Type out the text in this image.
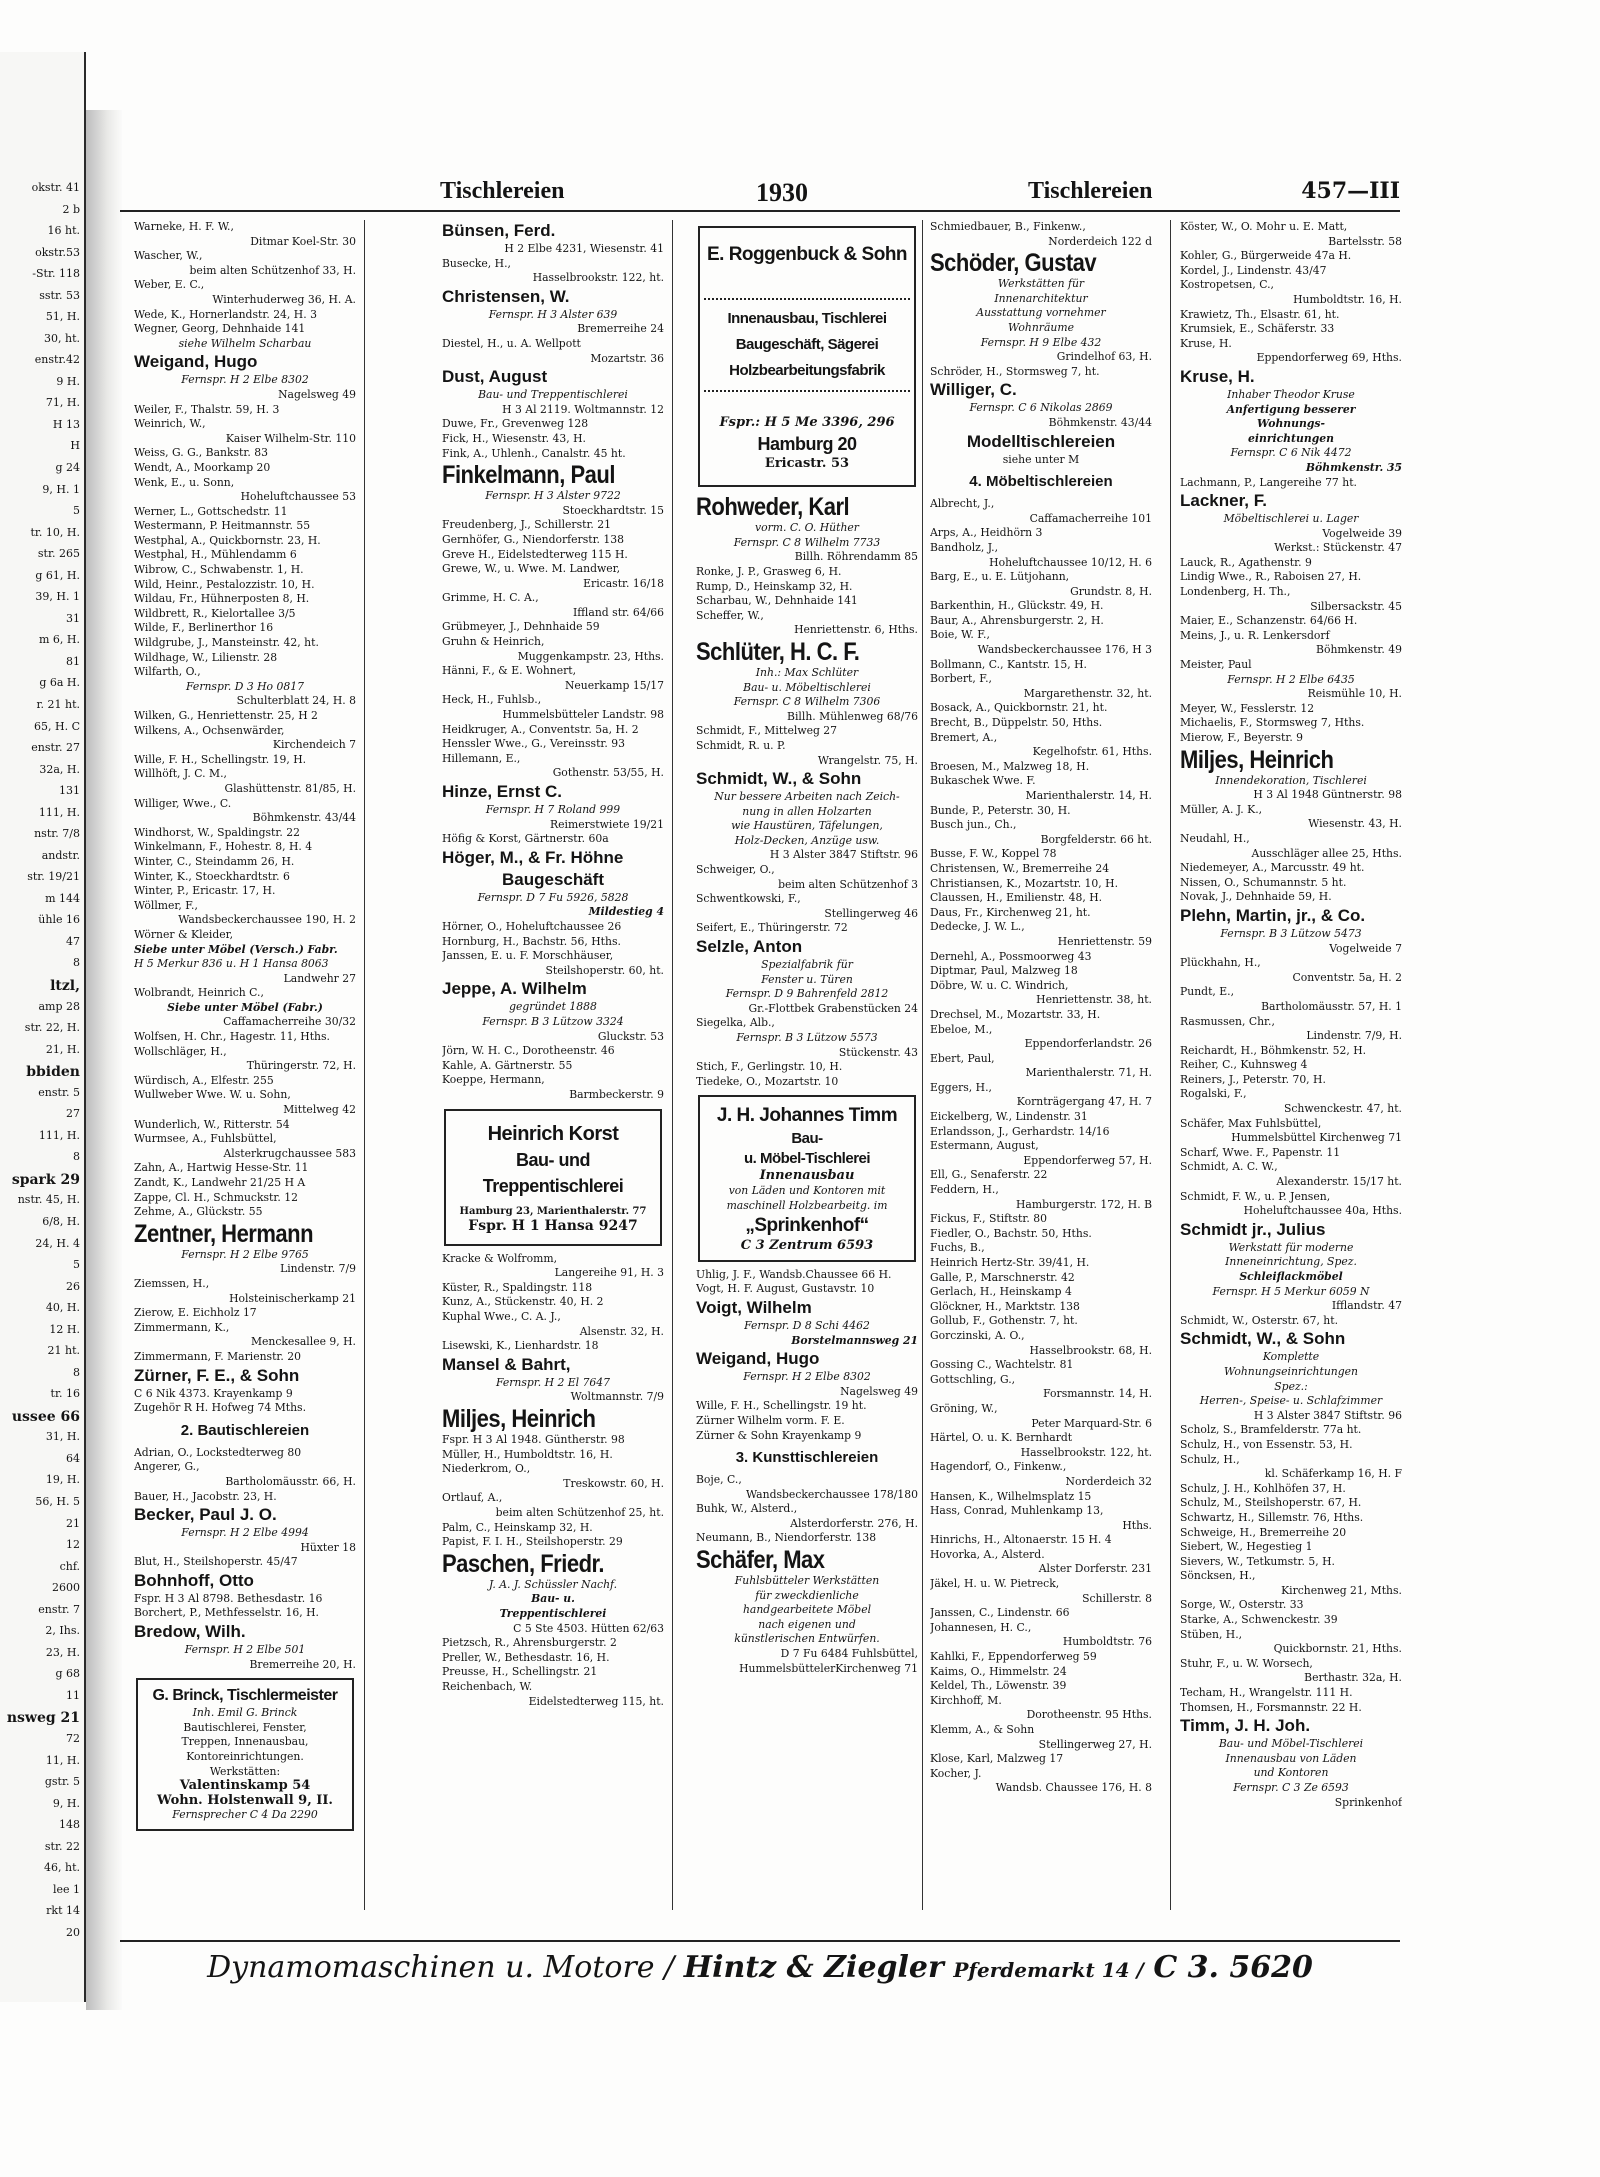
okstr. 41
2 b
16 ht.
okstr.53
-Str. 118
sstr. 53
51, H.
30, ht.
enstr.42
9 H.
71, H.
H 13
H
g 24
9, H. 1
5
tr. 10, H.
str. 265
g 61, H.
39, H. 1
31
m 6, H.
81
g 6a H.
r. 21 ht.
65, H. C
enstr. 27
32a, H.
131
111, H.
nstr. 7/8
andstr.
str. 19/21
m 144
ühle 16
47
8
ltzl,
amp 28
str. 22, H.
21, H.
bbiden
enstr. 5
27
111, H.
8
spark 29
nstr. 45, H.
6/8, H.
24, H. 4
5
26
40, H.
12 H.
21 ht.
8
tr. 16
ussee 66
31, H.
64
19, H.
56, H. 5
21
12
chf.
2600
enstr. 7
2, Ihs.
23, H.
g 68
11
nsweg 21
72
11, H.
gstr. 5
9, H.
148
str. 22
46, ht.
lee 1
rkt 14
20
Tischlereien	1930	Tischlereien	457—III
Warneke, H. F. W.,
Ditmar Koel-Str. 30
Wascher, W.,
beim alten Schützenhof 33, H.
Weber, E. C.,
Winterhuderweg 36, H. A.
Wede, K., Hornerlandstr. 24, H. 3
Wegner, Georg, Dehnhaide 141
siehe Wilhelm Scharbau
Weigand, Hugo
Fernspr. H 2 Elbe 8302
Nagelsweg 49
Weiler, F., Thalstr. 59, H. 3
Weinrich, W.,
Kaiser Wilhelm-Str. 110
Weiss, G. G., Bankstr. 83
Wendt, A., Moorkamp 20
Wenk, E., u. Sonn,
Hoheluftchaussee 53
Werner, L., Gottschedstr. 11
Westermann, P. Heitmannstr. 55
Westphal, A., Quickbornstr. 23, H.
Westphal, H., Mühlendamm 6
Wibrow, C., Schwabenstr. 1, H.
Wild, Heinr., Pestalozzistr. 10, H.
Wildau, Fr., Hühnerposten 8, H.
Wildbrett, R., Kielortallee 3/5
Wilde, F., Berlinerthor 16
Wildgrube, J., Mansteinstr. 42, ht.
Wildhage, W., Lilienstr. 28
Wilfarth, O.,
Fernspr. D 3 Ho 0817
Schulterblatt 24, H. 8
Wilken, G., Henriettenstr. 25, H 2
Wilkens, A., Ochsenwärder,
Kirchendeich 7
Wille, F. H., Schellingstr. 19, H.
Willhöft, J. C. M.,
Glashüttenstr. 81/85, H.
Williger, Wwe., C.
Böhmkenstr. 43/44
Windhorst, W., Spaldingstr. 22
Winkelmann, F., Hohestr. 8, H. 4
Winter, C., Steindamm 26, H.
Winter, K., Stoeckhardtstr. 6
Winter, P., Ericastr. 17, H.
Wöllmer, F.,
Wandsbeckerchaussee 190, H. 2
Wörner & Kleider,
Siebe unter Möbel (Versch.) Fabr.
H 5 Merkur 836 u. H 1 Hansa 8063
Landwehr 27
Wolbrandt, Heinrich C.,
Siebe unter Möbel (Fabr.)
Caffamacherreihe 30/32
Wolfsen, H. Chr., Hagestr. 11, Hths.
Wollschläger, H.,
Thüringerstr. 72, H.
Würdisch, A., Elfestr. 255
Wullweber Wwe. W. u. Sohn,
Mittelweg 42
Wunderlich, W., Ritterstr. 54
Wurmsee, A., Fuhlsbüttel,
Alsterkrugchaussee 583
Zahn, A., Hartwig Hesse-Str. 11
Zandt, K., Landwehr 21/25 H A
Zappe, Cl. H., Schmuckstr. 12
Zehme, A., Glückstr. 55
Zentner, Hermann
Fernspr. H 2 Elbe 9765
Lindenstr. 7/9
Ziemssen, H.,
Holsteinischerkamp 21
Zierow, E. Eichholz 17
Zimmermann, K.,
Menckesallee 9, H.
Zimmermann, F. Marienstr. 20
Zürner, F. E., & Sohn
C 6 Nik 4373. Krayenkamp 9
Zugehör R H. Hofweg 74 Mths.
2. Bautischlereien
Adrian, O., Lockstedterweg 80
Angerer, G.,
Bartholomäusstr. 66, H.
Bauer, H., Jacobstr. 23, H.
Becker, Paul J. O.
Fernspr. H 2 Elbe 4994
Hüxter 18
Blut, H., Steilshoperstr. 45/47
Bohnhoff, Otto
Fspr. H 3 Al 8798. Bethesdastr. 16
Borchert, P., Methfesselstr. 16, H.
Bredow, Wilh.
Fernspr. H 2 Elbe 501
Bremerreihe 20, H.
G. Brinck, Tischlermeister
Inh. Emil G. Brinck
Bautischlerei, Fenster,
Treppen, Innenausbau,
Kontoreinrichtungen.
Werkstätten:
Valentinskamp 54
Wohn. Holstenwall 9, II.
Fernsprecher C 4 Da 2290
Bünsen, Ferd.
H 2 Elbe 4231, Wiesenstr. 41
Busecke, H.,
Hasselbrookstr. 122, ht.
Christensen, W.
Fernspr. H 3 Alster 639
Bremerreihe 24
Diestel, H., u. A. Wellpott
Mozartstr. 36
Dust, August
Bau- und Treppentischlerei
H 3 Al 2119. Woltmannstr. 12
Duwe, Fr., Grevenweg 128
Fick, H., Wiesenstr. 43, H.
Fink, A., Uhlenh., Canalstr. 45 ht.
Finkelmann, Paul
Fernspr. H 3 Alster 9722
Stoeckhardtstr. 15
Freudenberg, J., Schillerstr. 21
Gernhöfer, G., Niendorferstr. 138
Greve H., Eidelstedterweg 115 H.
Grewe, W., u. Wwe. M. Landwer,
Ericastr. 16/18
Grimme, H. C. A.,
Iffland str. 64/66
Grübmeyer, J., Dehnhaide 59
Gruhn & Heinrich,
Muggenkampstr. 23, Hths.
Hänni, F., & E. Wohnert,
Neuerkamp 15/17
Heck, H., Fuhlsb.,
Hummelsbütteler Landstr. 98
Heidkruger, A., Conventstr. 5a, H. 2
Henssler Wwe., G., Vereinsstr. 93
Hillemann, E.,
Gothenstr. 53/55, H.
Hinze, Ernst C.
Fernspr. H 7 Roland 999
Reimerstwiete 19/21
Höfig & Korst, Gärtnerstr. 60a
Höger, M., & Fr. Höhne
Baugeschäft
Fernspr. D 7 Fu 5926, 5828
Mildestieg 4
Hörner, O., Hoheluftchaussee 26
Hornburg, H., Bachstr. 56, Hths.
Janssen, E. u. F. Morschhäuser,
Steilshoperstr. 60, ht.
Jeppe, A. Wilhelm
gegründet 1888
Fernspr. B 3 Lützow 3324
Gluckstr. 53
Jörn, W. H. C., Dorotheenstr. 46
Kahle, A. Gärtnerstr. 55
Koeppe, Hermann,
Barmbeckerstr. 9
Heinrich Korst
Bau- und
Treppentischlerei
Hamburg 23, Marienthalerstr. 77
Fspr. H 1 Hansa 9247
Kracke & Wolfromm,
Langereihe 91, H. 3
Küster, R., Spaldingstr. 118
Kunz, A., Stückenstr. 40, H. 2
Kuphal Wwe., C. A. J.,
Alsenstr. 32, H.
Lisewski, K., Lienhardstr. 18
Mansel & Bahrt,
Fernspr. H 2 El 7647
Woltmannstr. 7/9
Miljes, Heinrich
Fspr. H 3 Al 1948. Güntherstr. 98
Müller, H., Humboldtstr. 16, H.
Niederkrom, O.,
Treskowstr. 60, H.
Ortlauf, A.,
beim alten Schützenhof 25, ht.
Palm, C., Heinskamp 32, H.
Papist, F. I. H., Steilshoperstr. 29
Paschen, Friedr.
J. A. J. Schüssler Nachf.
Bau- u.
Treppentischlerei
C 5 Ste 4503. Hütten 62/63
Pietzsch, R., Ahrensburgerstr. 2
Preller, W., Bethesdastr. 16, H.
Preusse, H., Schellingstr. 21
Reichenbach, W.
Eidelstedterweg 115, ht.
E. Roggenbuck & Sohn
Innenausbau, Tischlerei
Baugeschäft, Sägerei
Holzbearbeitungsfabrik
Fspr.: H 5 Me 3396, 296
Hamburg 20
Ericastr. 53
Rohweder, Karl
vorm. C. O. Hüther
Fernspr. C 8 Wilhelm 7733
Billh. Röhrendamm 85
Ronke, J. P., Grasweg 6, H.
Rump, D., Heinskamp 32, H.
Scharbau, W., Dehnhaide 141
Scheffer, W.,
Henriettenstr. 6, Hths.
Schlüter, H. C. F.
Inh.: Max Schlüter
Bau- u. Möbeltischlerei
Fernspr. C 8 Wilhelm 7306
Billh. Mühlenweg 68/76
Schmidt, F., Mittelweg 27
Schmidt, R. u. P.
Wrangelstr. 75, H.
Schmidt, W., & Sohn
Nur bessere Arbeiten nach Zeich-
nung in allen Holzarten
wie Haustüren, Täfelungen,
Holz-Decken, Anzüge usw.
H 3 Alster 3847 Stiftstr. 96
Schweiger, O.,
beim alten Schützenhof 3
Schwentkowski, F.,
Stellingerweg 46
Seifert, E., Thüringerstr. 72
Selzle, Anton
Spezialfabrik für
Fenster u. Türen
Fernspr. D 9 Bahrenfeld 2812
Gr.-Flottbek Grabenstücken 24
Siegelka, Alb.,
Fernspr. B 3 Lützow 5573
Stückenstr. 43
Stich, F., Gerlingstr. 10, H.
Tiedeke, O., Mozartstr. 10
J. H. Johannes Timm
Bau-
u. Möbel-Tischlerei
Innenausbau
von Läden und Kontoren mit
maschinell Holzbearbeitg. im
„Sprinkenhof“
C 3 Zentrum 6593
Uhlig, J. F., Wandsb.Chaussee 66 H.
Vogt, H. F. August, Gustavstr. 10
Voigt, Wilhelm
Fernspr. D 8 Schi 4462
Borstelmannsweg 21
Weigand, Hugo
Fernspr. H 2 Elbe 8302
Nagelsweg 49
Wille, F. H., Schellingstr. 19 ht.
Zürner Wilhelm vorm. F. E.
Zürner & Sohn Krayenkamp 9
3. Kunsttischlereien
Boje, C.,
Wandsbeckerchaussee 178/180
Buhk, W., Alsterd.,
Alsterdorferstr. 276, H.
Neumann, B., Niendorferstr. 138
Schäfer, Max
Fuhlsbütteler Werkstätten
für zweckdienliche
handgearbeitete Möbel
nach eigenen und
künstlerischen Entwürfen.
D 7 Fu 6484 Fuhlsbüttel,
HummelsbüttelerKirchenweg 71
Schmiedbauer, B., Finkenw.,
Norderdeich 122 d
Schöder, Gustav
Werkstätten für
Innenarchitektur
Ausstattung vornehmer
Wohnräume
Fernspr. H 9 Elbe 432
Grindelhof 63, H.
Schröder, H., Stormsweg 7, ht.
Williger, C.
Fernspr. C 6 Nikolas 2869
Böhmkenstr. 43/44
Modelltischlereien
siehe unter M
4. Möbeltischlereien
Albrecht, J.,
Caffamacherreihe 101
Arps, A., Heidhörn 3
Bandholz, J.,
Hoheluftchaussee 10/12, H. 6
Barg, E., u. E. Lütjohann,
Grundstr. 8, H.
Barkenthin, H., Glückstr. 49, H.
Baur, A., Ahrensburgerstr. 2, H.
Boie, W. F.,
Wandsbeckerchaussee 176, H 3
Bollmann, C., Kantstr. 15, H.
Borbert, F.,
Margarethenstr. 32, ht.
Bosack, A., Quickbornstr. 21, ht.
Brecht, B., Düppelstr. 50, Hths.
Bremert, A.,
Kegelhofstr. 61, Hths.
Broesen, M., Malzweg 18, H.
Bukaschek Wwe. F.
Marienthalerstr. 14, H.
Bunde, P., Peterstr. 30, H.
Busch jun., Ch.,
Borgfelderstr. 66 ht.
Busse, F. W., Koppel 78
Christensen, W., Bremerreihe 24
Christiansen, K., Mozartstr. 10, H.
Claussen, H., Emilienstr. 48, H.
Daus, Fr., Kirchenweg 21, ht.
Dedecke, J. W. L.,
Henriettenstr. 59
Dernehl, A., Possmoorweg 43
Diptmar, Paul, Malzweg 18
Döbre, W. u. C. Windrich,
Henriettenstr. 38, ht.
Drechsel, M., Mozartstr. 33, H.
Ebeloe, M.,
Eppendorferlandstr. 26
Ebert, Paul,
Marienthalerstr. 71, H.
Eggers, H.,
Kornträgergang 47, H. 7
Eickelberg, W., Lindenstr. 31
Erlandsson, J., Gerhardstr. 14/16
Estermann, August,
Eppendorferweg 57, H.
Ell, G., Senaferstr. 22
Feddern, H.,
Hamburgerstr. 172, H. B
Fickus, F., Stiftstr. 80
Fiedler, O., Bachstr. 50, Hths.
Fuchs, B.,
Heinrich Hertz-Str. 39/41, H.
Galle, P., Marschnerstr. 42
Gerlach, H., Heinskamp 4
Glöckner, H., Marktstr. 138
Gollub, F., Gothenstr. 7, ht.
Gorczinski, A. O.,
Hasselbrookstr. 68, H.
Gossing C., Wachtelstr. 81
Gottschling, G.,
Forsmannstr. 14, H.
Gröning, W.,
Peter Marquard-Str. 6
Härtel, O. u. K. Bernhardt
Hasselbrookstr. 122, ht.
Hagendorf, O., Finkenw.,
Norderdeich 32
Hansen, K., Wilhelmsplatz 15
Hass, Conrad, Muhlenkamp 13,
Hths.
Hinrichs, H., Altonaerstr. 15 H. 4
Hovorka, A., Alsterd.
Alster Dorferstr. 231
Jäkel, H. u. W. Pietreck,
Schillerstr. 8
Janssen, C., Lindenstr. 66
Johannesen, H. C.,
Humboldtstr. 76
Kahlki, F., Eppendorferweg 59
Kaims, O., Himmelstr. 24
Keldel, Th., Löwenstr. 39
Kirchhoff, M.
Dorotheenstr. 95 Hths.
Klemm, A., & Sohn
Stellingerweg 27, H.
Klose, Karl, Malzweg 17
Kocher, J.
Wandsb. Chaussee 176, H. 8
Köster, W., O. Mohr u. E. Matt,
Bartelsstr. 58
Kohler, G., Bürgerweide 47a H.
Kordel, J., Lindenstr. 43/47
Kostropetsen, C.,
Humboldtstr. 16, H.
Krawietz, Th., Elsastr. 61, ht.
Krumsiek, E., Schäferstr. 33
Kruse, H.
Eppendorferweg 69, Hths.
Kruse, H.
Inhaber Theodor Kruse
Anfertigung besserer
Wohnungs-
einrichtungen
Fernspr. C 6 Nik 4472
Böhmkenstr. 35
Lachmann, P., Langereihe 77 ht.
Lackner, F.
Möbeltischlerei u. Lager
Vogelweide 39
Werkst.: Stückenstr. 47
Lauck, R., Agathenstr. 9
Lindig Wwe., R., Raboisen 27, H.
Londenberg, H. Th.,
Silbersackstr. 45
Maier, E., Schanzenstr. 64/66 H.
Meins, J., u. R. Lenkersdorf
Böhmkenstr. 49
Meister, Paul
Fernspr. H 2 Elbe 6435
Reismühle 10, H.
Meyer, W., Fesslerstr. 12
Michaelis, F., Stormsweg 7, Hths.
Mierow, F., Beyerstr. 9
Miljes, Heinrich
Innendekoration, Tischlerei
H 3 Al 1948 Güntnerstr. 98
Müller, A. J. K.,
Wiesenstr. 43, H.
Neudahl, H.,
Ausschläger allee 25, Hths.
Niedemeyer, A., Marcusstr. 49 ht.
Nissen, O., Schumannstr. 5 ht.
Novak, J., Dehnhaide 59, H.
Plehn, Martin, jr., & Co.
Fernspr. B 3 Lützow 5473
Vogelweide 7
Plückhahn, H.,
Conventstr. 5a, H. 2
Pundt, E.,
Bartholomäusstr. 57, H. 1
Rasmussen, Chr.,
Lindenstr. 7/9, H.
Reichardt, H., Böhmkenstr. 52, H.
Reiher, C., Kuhnsweg 4
Reiners, J., Peterstr. 70, H.
Rogalski, F.,
Schwenckestr. 47, ht.
Schäfer, Max Fuhlsbüttel,
Hummelsbüttel Kirchenweg 71
Scharf, Wwe. F., Papenstr. 11
Schmidt, A. C. W.,
Alexanderstr. 15/17 ht.
Schmidt, F. W., u. P. Jensen,
Hoheluftchaussee 40a, Hths.
Schmidt jr., Julius
Werkstatt für moderne
Inneneinrichtung, Spez.
Schleiflackmöbel
Fernspr. H 5 Merkur 6059 N
Ifflandstr. 47
Schmidt, W., Osterstr. 67, ht.
Schmidt, W., & Sohn
Komplette
Wohnungseinrichtungen
Spez.:
Herren-, Speise- u. Schlafzimmer
H 3 Alster 3847 Stiftstr. 96
Scholz, S., Bramfelderstr. 77a ht.
Schulz, H., von Essenstr. 53, H.
Schulz, H.,
kl. Schäferkamp 16, H. F
Schulz, J. H., Kohlhöfen 37, H.
Schulz, M., Steilshoperstr. 67, H.
Schwartz, H., Sillemstr. 76, Hths.
Schweige, H., Bremerreihe 20
Siebert, W., Hegestieg 1
Sievers, W., Tetkumstr. 5, H.
Söncksen, H.,
Kirchenweg 21, Mths.
Sorge, W., Osterstr. 33
Starke, A., Schwenckestr. 39
Stüben, H.,
Quickbornstr. 21, Hths.
Stuhr, F., u. W. Worsech,
Berthastr. 32a, H.
Techam, H., Wrangelstr. 111 H.
Thomsen, H., Forsmannstr. 22 H.
Timm, J. H. Joh.
Bau- und Möbel-Tischlerei
Innenausbau von Läden
und Kontoren
Fernspr. C 3 Ze 6593
Sprinkenhof
Dynamomaschinen u. Motore / Hintz & Ziegler Pferdemarkt 14 / C 3. 5620
